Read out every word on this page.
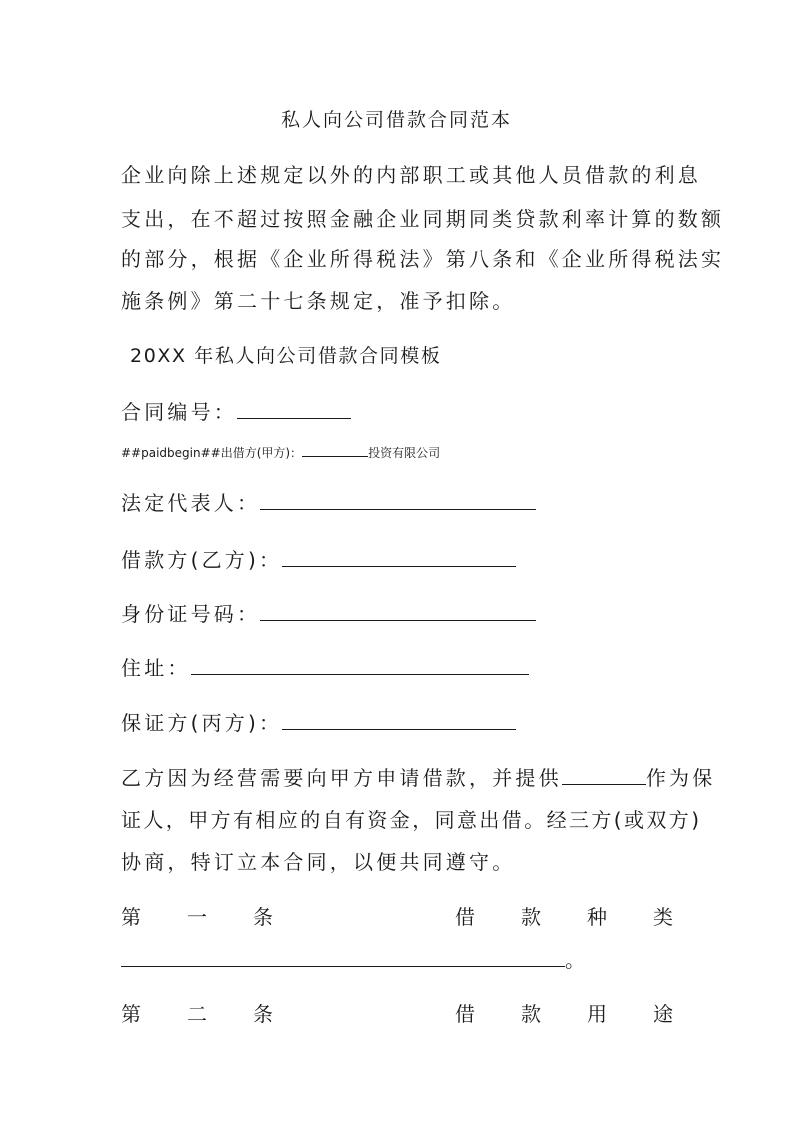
私人向公司借款合同范本
企业向除上述规定以外的内部职工或其他人员借款的利息
支出，在不超过按照金融企业同期同类贷款利率计算的数额
的部分，根据《企业所得税法》第八条和《企业所得税法实
施条例》第二十七条规定，准予扣除。
20XX 年私人向公司借款合同模板
合同编号：
##paidbegin##出借方(甲方)：	投资有限公司
法定代表人：
借款方(乙方)：
身份证号码：
住址：
保证方(丙方)：
乙方因为经营需要向甲方申请借款，并提供	作为保
证人，甲方有相应的自有资金，同意出借。经三方(或双方)
协商，特订立本合同，以便共同遵守。
第 一 条	借 款 种 类
。
第 二 条	借 款 用 途
